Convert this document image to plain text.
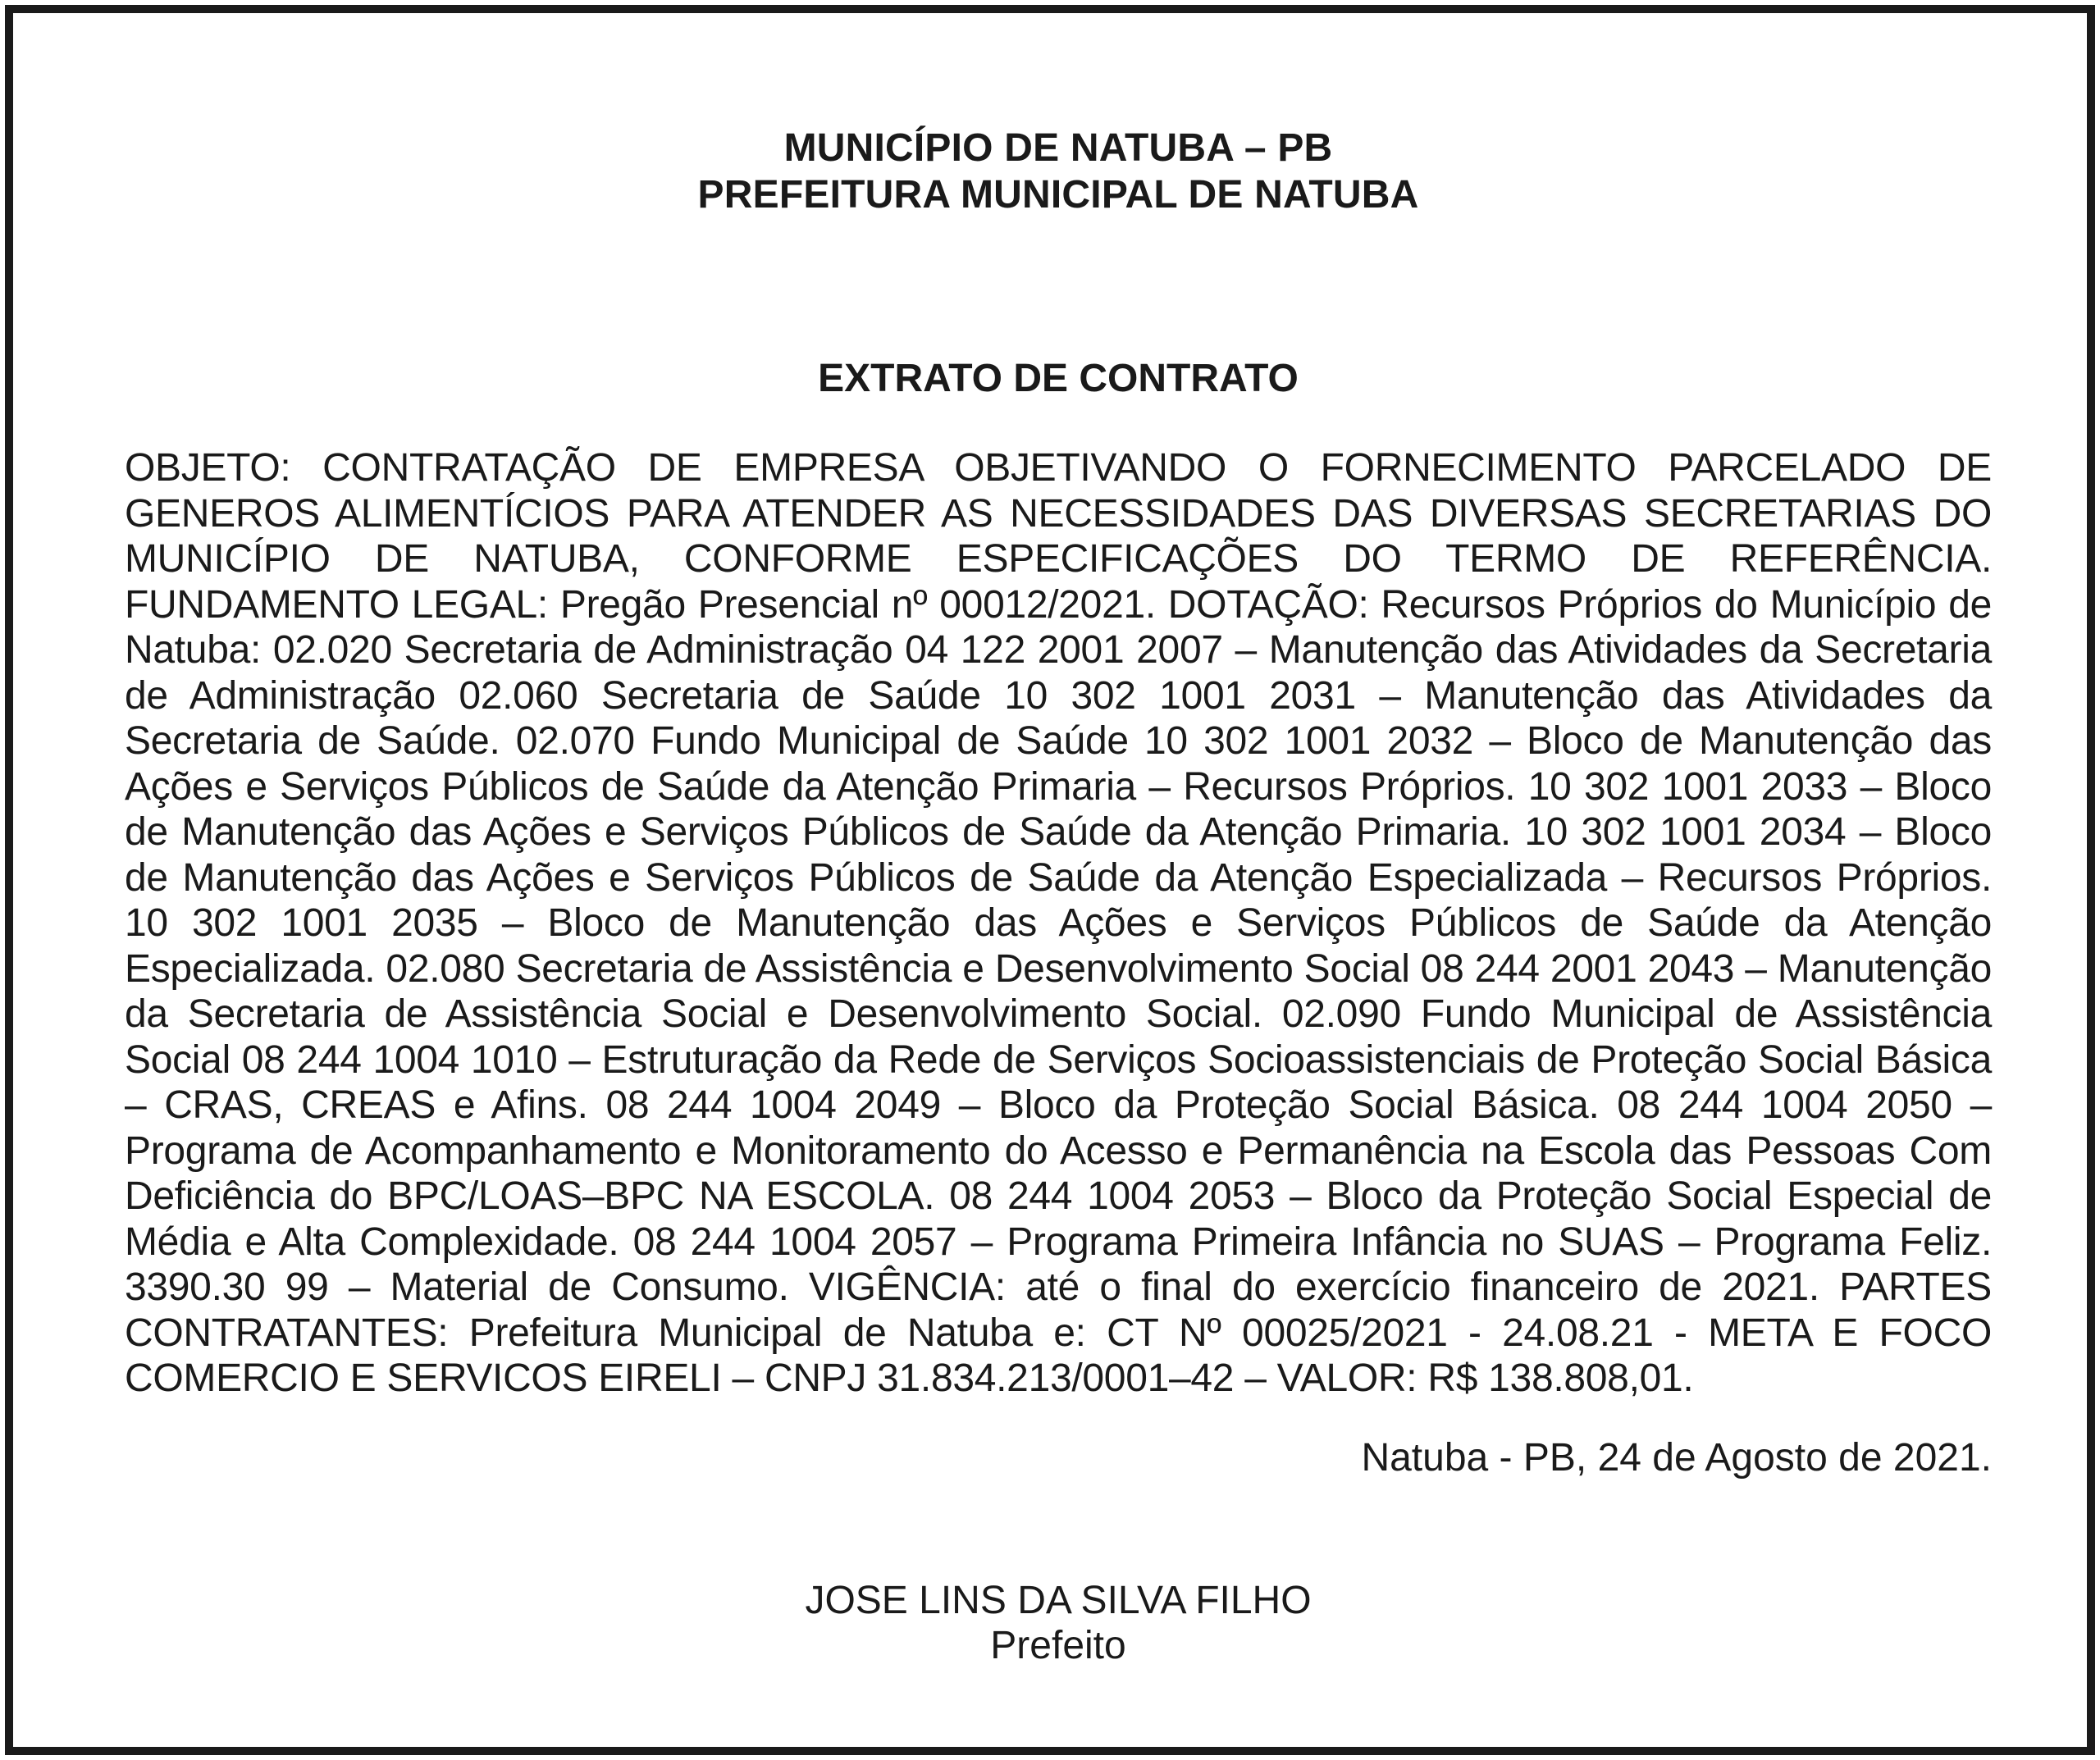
MUNICÍPIO DE NATUBA – PB
PREFEITURA MUNICIPAL DE NATUBA
EXTRATO DE CONTRATO
OBJETO: CONTRATAÇÃO DE EMPRESA OBJETIVANDO O FORNECIMENTO PARCELADO DE GENEROS ALIMENTÍCIOS PARA ATENDER AS NECESSIDADES DAS DIVERSAS SECRETARIAS DO MUNICÍPIO DE NATUBA, CONFORME ESPECIFICAÇÕES DO TERMO DE REFERÊNCIA. FUNDAMENTO LEGAL: Pregão Presencial nº 00012/2021. DOTAÇÃO: Recursos Próprios do Município de Natuba: 02.020 Secretaria de Administração 04 122 2001 2007 – Manutenção das Atividades da Secretaria de Administração 02.060 Secretaria de Saúde 10 302 1001 2031 – Manutenção das Atividades da Secretaria de Saúde. 02.070 Fundo Municipal de Saúde 10 302 1001 2032 – Bloco de Manutenção das Ações e Serviços Públicos de Saúde da Atenção Primaria – Recursos Próprios. 10 302 1001 2033 – Bloco de Manutenção das Ações e Serviços Públicos de Saúde da Atenção Primaria. 10 302 1001 2034 – Bloco de Manutenção das Ações e Serviços Públicos de Saúde da Atenção Especializada – Recursos Próprios. 10 302 1001 2035 – Bloco de Manutenção das Ações e Serviços Públicos de Saúde da Atenção Especializada. 02.080 Secretaria de Assistência e Desenvolvimento Social 08 244 2001 2043 – Manutenção da Secretaria de Assistência Social e Desenvolvimento Social. 02.090 Fundo Municipal de Assistência Social 08 244 1004 1010 – Estruturação da Rede de Serviços Socioassistenciais de Proteção Social Básica – CRAS, CREAS e Afins. 08 244 1004 2049 – Bloco da Proteção Social Básica. 08 244 1004 2050 – Programa de Acompanhamento e Monitoramento do Acesso e Permanência na Escola das Pessoas Com Deficiência do BPC/LOAS–BPC NA ESCOLA. 08 244 1004 2053 – Bloco da Proteção Social Especial de Média e Alta Complexidade. 08 244 1004 2057 – Programa Primeira Infância no SUAS – Programa Feliz. 3390.30 99 – Material de Consumo. VIGÊNCIA: até o final do exercício financeiro de 2021. PARTES CONTRATANTES: Prefeitura Municipal de Natuba e: CT Nº 00025/2021 - 24.08.21 - META E FOCO COMERCIO E SERVICOS EIRELI – CNPJ 31.834.213/0001–42 – VALOR: R$ 138.808,01.
Natuba - PB, 24 de Agosto de 2021.
JOSE LINS DA SILVA FILHO
Prefeito
